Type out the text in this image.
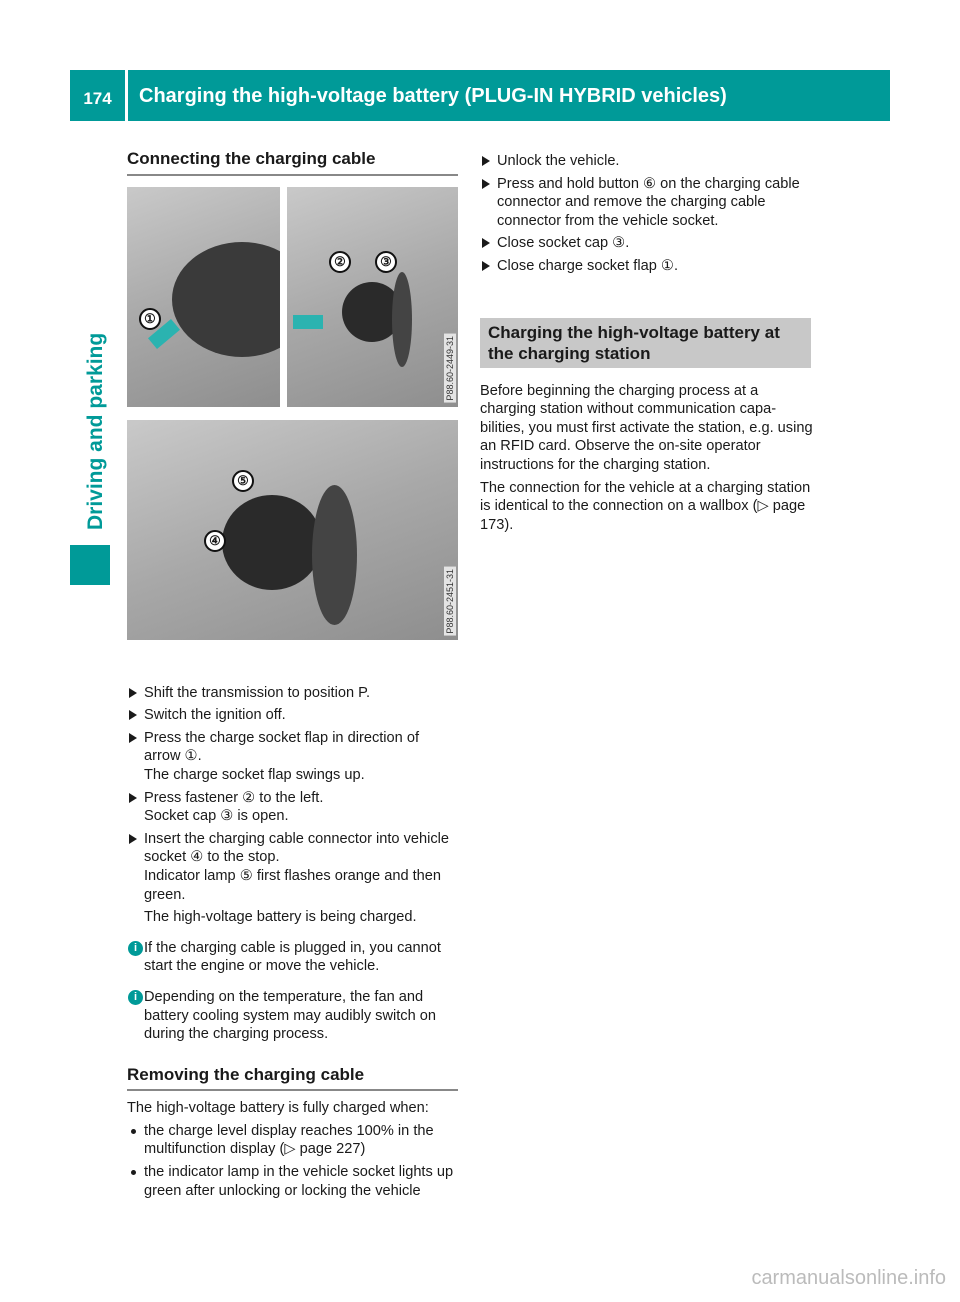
174	Charging the high-voltage battery (PLUG-IN HYBRID vehicles)
Driving and parking
①
②	③
P88.60-2449-31
⑤
④
P88.60-2451-31
Connecting the charging cable
Shift the transmission to position P.
Switch the ignition off.
Press the charge socket flap in direction of arrow ①.
The charge socket flap swings up.
Press fastener ② to the left.
Socket cap ③ is open.
Insert the charging cable connector into vehicle socket ④ to the stop.
Indicator lamp ⑤ first flashes orange and then green.
The high-voltage battery is being charged.
i If the charging cable is plugged in, you cannot start the engine or move the vehicle.
i Depending on the temperature, the fan and battery cooling system may audibly switch on during the charging process.
Removing the charging cable
The high-voltage battery is fully charged when:
the charge level display reaches 100% in the multifunction display (▷ page 227)
the indicator lamp in the vehicle socket lights up green after unlocking or locking the vehicle
Unlock the vehicle.
Press and hold button ⑥ on the charging cable connector and remove the charging cable connector from the vehicle socket.
Close socket cap ③.
Close charge socket flap ①.
Charging the high-voltage battery at the charging station
Before beginning the charging process at a charging station without communication capabilities, you must first activate the station, e.g. using an RFID card. Observe the on-site operator instructions for the charging station.
The connection for the vehicle at a charging station is identical to the connection on a wallbox (▷ page 173).
carmanualsonline.info
